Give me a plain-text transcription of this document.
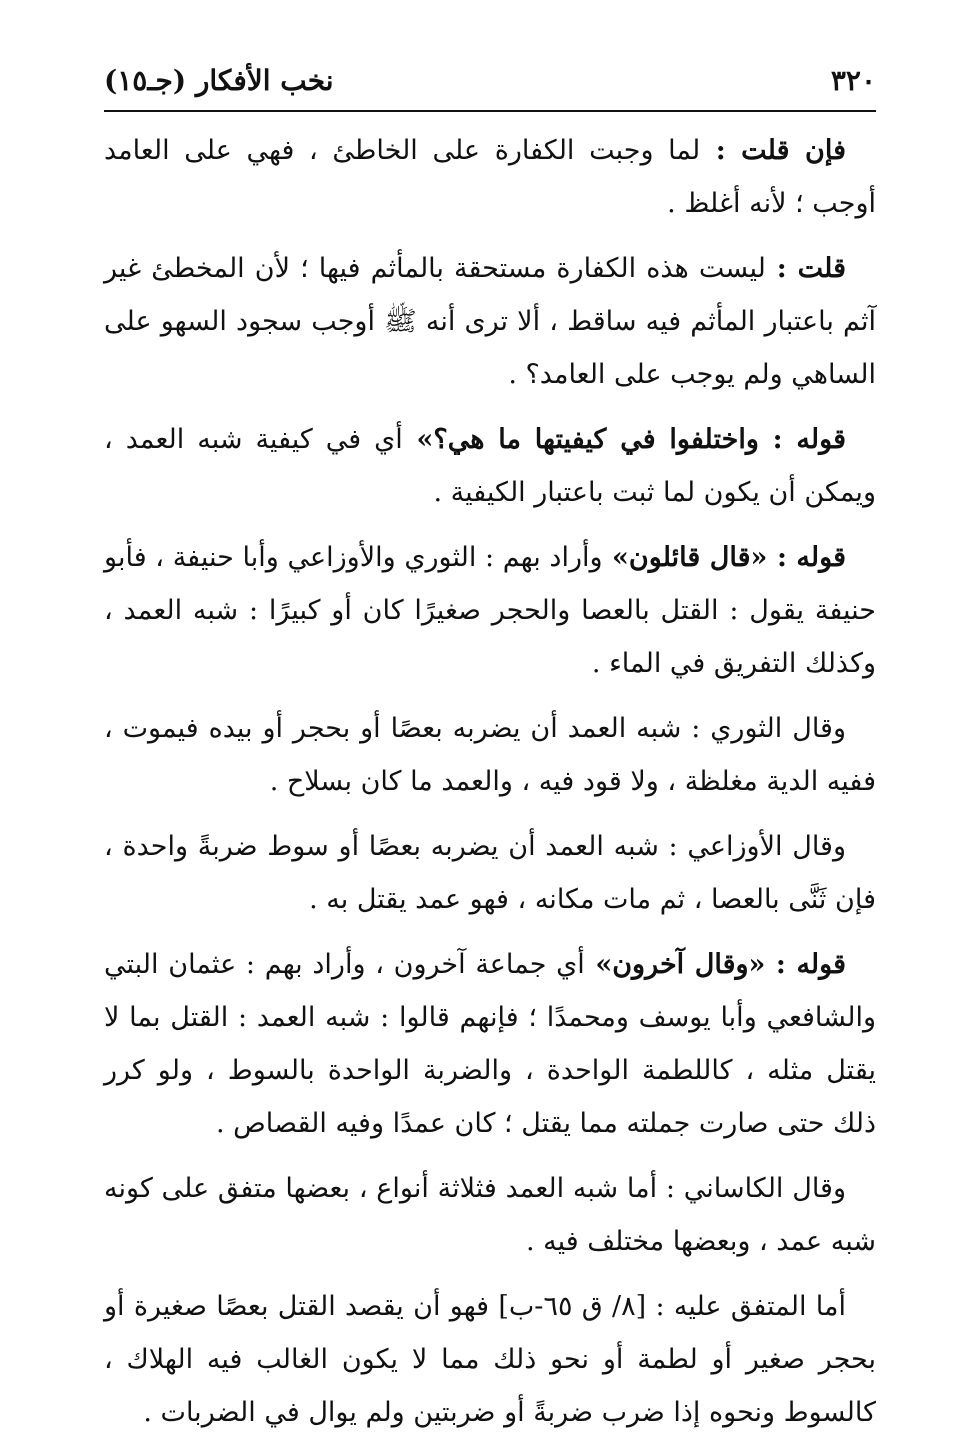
٣٢٠
نخب الأفكار (جـ١٥)

فإن قلت : لما وجبت الكفارة على الخاطئ ، فهي على العامد أوجب ؛ لأنه أغلظ .

قلت : ليست هذه الكفارة مستحقة بالمأثم فيها ؛ لأن المخطئ غير آثم باعتبار المأثم فيه ساقط ، ألا ترى أنه ﷺ أوجب سجود السهو على الساهي ولم يوجب على العامد؟ .

قوله : واختلفوا في كيفيتها ما هي؟» أي في كيفية شبه العمد ، ويمكن أن يكون لما ثبت باعتبار الكيفية .

قوله : «قال قائلون» وأراد بهم : الثوري والأوزاعي وأبا حنيفة ، فأبو حنيفة يقول : القتل بالعصا والحجر صغيرًا كان أو كبيرًا : شبه العمد ، وكذلك التفريق في الماء .

وقال الثوري : شبه العمد أن يضربه بعصًا أو بحجر أو بيده فيموت ، ففيه الدية مغلظة ، ولا قود فيه ، والعمد ما كان بسلاح .

وقال الأوزاعي : شبه العمد أن يضربه بعصًا أو سوط ضربةً واحدة ، فإن ثَنَّى بالعصا ، ثم مات مكانه ، فهو عمد يقتل به .

قوله : «وقال آخرون» أي جماعة آخرون ، وأراد بهم : عثمان البتي والشافعي وأبا يوسف ومحمدًا ؛ فإنهم قالوا : شبه العمد : القتل بما لا يقتل مثله ، كاللطمة الواحدة ، والضربة الواحدة بالسوط ، ولو كرر ذلك حتى صارت جملته مما يقتل ؛ كان عمدًا وفيه القصاص .

وقال الكاساني : أما شبه العمد فثلاثة أنواع ، بعضها متفق على كونه شبه عمد ، وبعضها مختلف فيه .

أما المتفق عليه : [٨/ ق ٦٥-ب] فهو أن يقصد القتل بعصًا صغيرة أو بحجر صغير أو لطمة أو نحو ذلك مما لا يكون الغالب فيه الهلاك ، كالسوط ونحوه إذا ضرب ضربةً أو ضربتين ولم يوال في الضربات .
